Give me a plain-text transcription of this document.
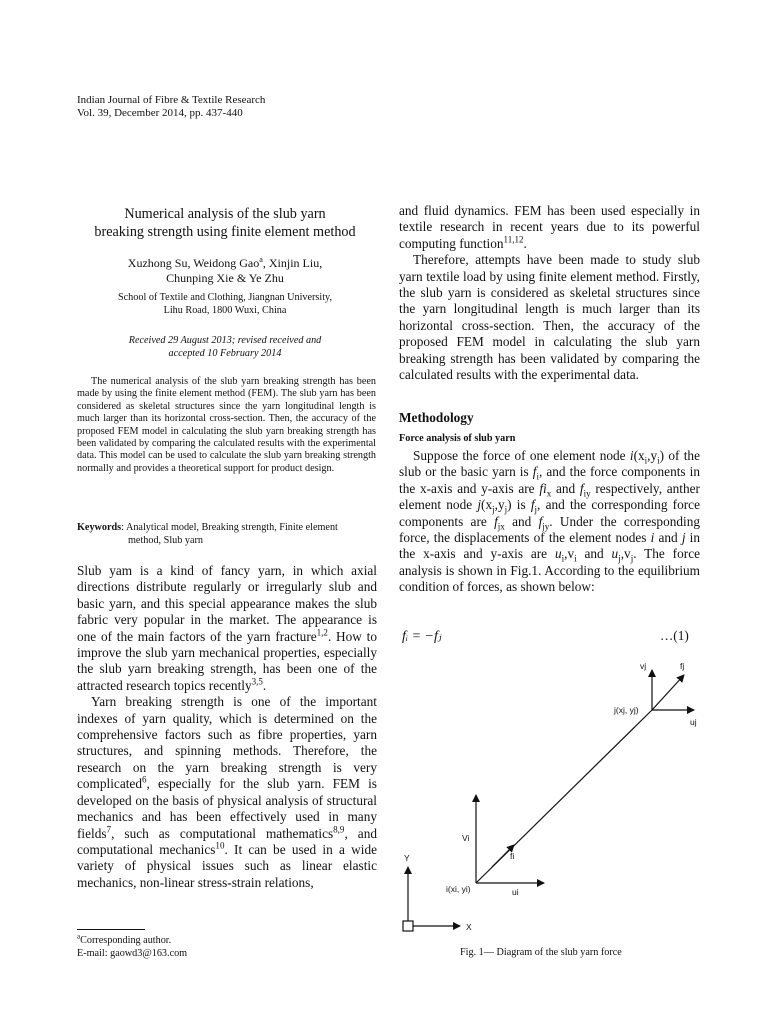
Indian Journal of Fibre & Textile Research
Vol. 39, December 2014, pp. 437-440
Numerical analysis of the slub yarn
breaking strength using finite element method
Xuzhong Su, Weidong Gao$^a$, Xinjin Liu,
Chunping Xie & Ye Zhu
School of Textile and Clothing, Jiangnan University,
Lihu Road, 1800 Wuxi, China
Received 29 August 2013; revised received and
accepted 10 February 2014

The numerical analysis of the slub yarn breaking strength has been made by using the finite element method (FEM). The slub yarn has been considered as skeletal structures since the yarn longitudinal length is much larger than its horizontal cross-section. Then, the accuracy of the proposed FEM model in calculating the slub yarn breaking strength has been validated by comparing the calculated results with the experimental data. This model can be used to calculate the slub yarn breaking strength normally and provides a theoretical support for product design.

Keywords: Analytical model, Breaking strength, Finite element
method, Slub yarn

Slub yam is a kind of fancy yarn, in which axial directions distribute regularly or irregularly slub and basic yarn, and this special appearance makes the slub fabric very popular in the market. The appearance is one of the main factors of the yarn fracture$^{1,2}$. How to improve the slub yarn mechanical properties, especially the slub yarn breaking strength, has been one of the attracted research topics recently$^{3,5}$.

Yarn breaking strength is one of the important indexes of yarn quality, which is determined on the comprehensive factors such as fibre properties, yarn structures, and spinning methods. Therefore, the research on the yarn breaking strength is very complicated$^6$, especially for the slub yarn. FEM is developed on the basis of physical analysis of structural mechanics and has been effectively used in many fields$^7$, such as computational mathematics$^{8,9}$, and computational mechanics$^{10}$. It can be used in a wide variety of physical issues such as linear elastic mechanics, non-linear stress-strain relations,

and fluid dynamics. FEM has been used especially in textile research in recent years due to its powerful computing function$^{11,12}$.

Therefore, attempts have been made to study slub yarn textile load by using finite element method. Firstly, the slub yarn is considered as skeletal structures since the yarn longitudinal length is much larger than its horizontal cross-section. Then, the accuracy of the proposed FEM model in calculating the slub yarn breaking strength has been validated by comparing the calculated results with the experimental data.

Methodology
Force analysis of slub yarn

Suppose the force of one element node $i(x_i,y_i)$ of the slub or the basic yarn is $f_i$, and the force components in the x-axis and y-axis are $fi_x$ and $f_{iy}$ respectively, anther element node $j(x_j,y_j)$ is $f_j$, and the corresponding force components are $f_{jx}$ and $f_{jy}$. Under the corresponding force, the displacements of the element nodes i and j in the x-axis and y-axis are $u_i,v_i$ and $u_j,v_j$. The force analysis is shown in Fig.1. According to the equilibrium condition of forces, as shown below:

fᵢ = −fⱼ	…(1)
vj	fj
j(xj, yj)
uj
Vi
fi
i(xi, yi)	ui
Y
X
Fig. 1— Diagram of the slub yarn force
$^a$Corresponding author.
E-mail: gaowd3@163.com
